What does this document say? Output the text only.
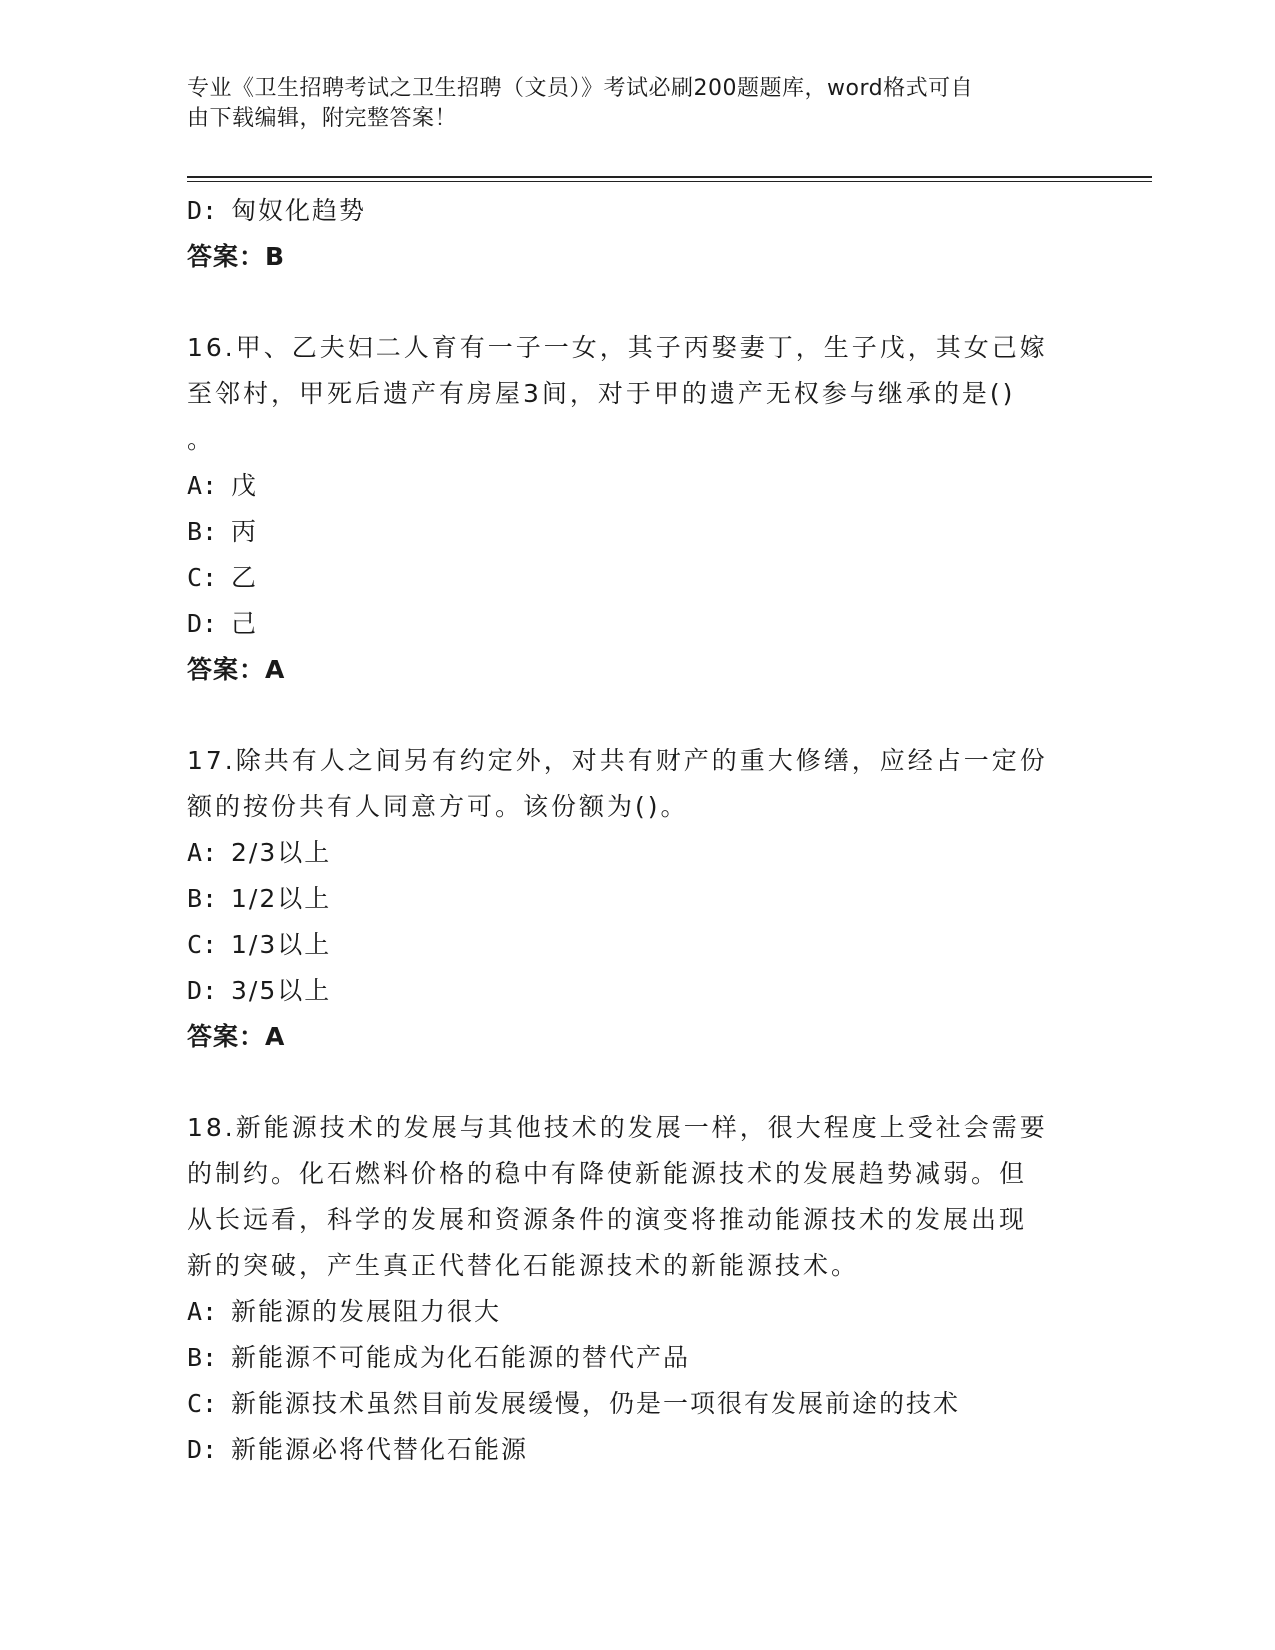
专业《卫生招聘考试之卫生招聘（文员）》考试必刷200题题库，word格式可自
由下载编辑，附完整答案！
D: 匈奴化趋势
答案：B
16.甲、乙夫妇二人育有一子一女，其子丙娶妻丁，生子戊，其女己嫁
至邻村，甲死后遗产有房屋3间，对于甲的遗产无权参与继承的是()
。
A: 戊
B: 丙
C: 乙
D: 己
答案：A
17.除共有人之间另有约定外，对共有财产的重大修缮，应经占一定份
额的按份共有人同意方可。该份额为()。
A: 2/3以上
B: 1/2以上
C: 1/3以上
D: 3/5以上
答案：A
18.新能源技术的发展与其他技术的发展一样，很大程度上受社会需要
的制约。化石燃料价格的稳中有降使新能源技术的发展趋势减弱。但
从长远看，科学的发展和资源条件的演变将推动能源技术的发展出现
新的突破，产生真正代替化石能源技术的新能源技术。
A: 新能源的发展阻力很大
B: 新能源不可能成为化石能源的替代产品
C: 新能源技术虽然目前发展缓慢，仍是一项很有发展前途的技术
D: 新能源必将代替化石能源
